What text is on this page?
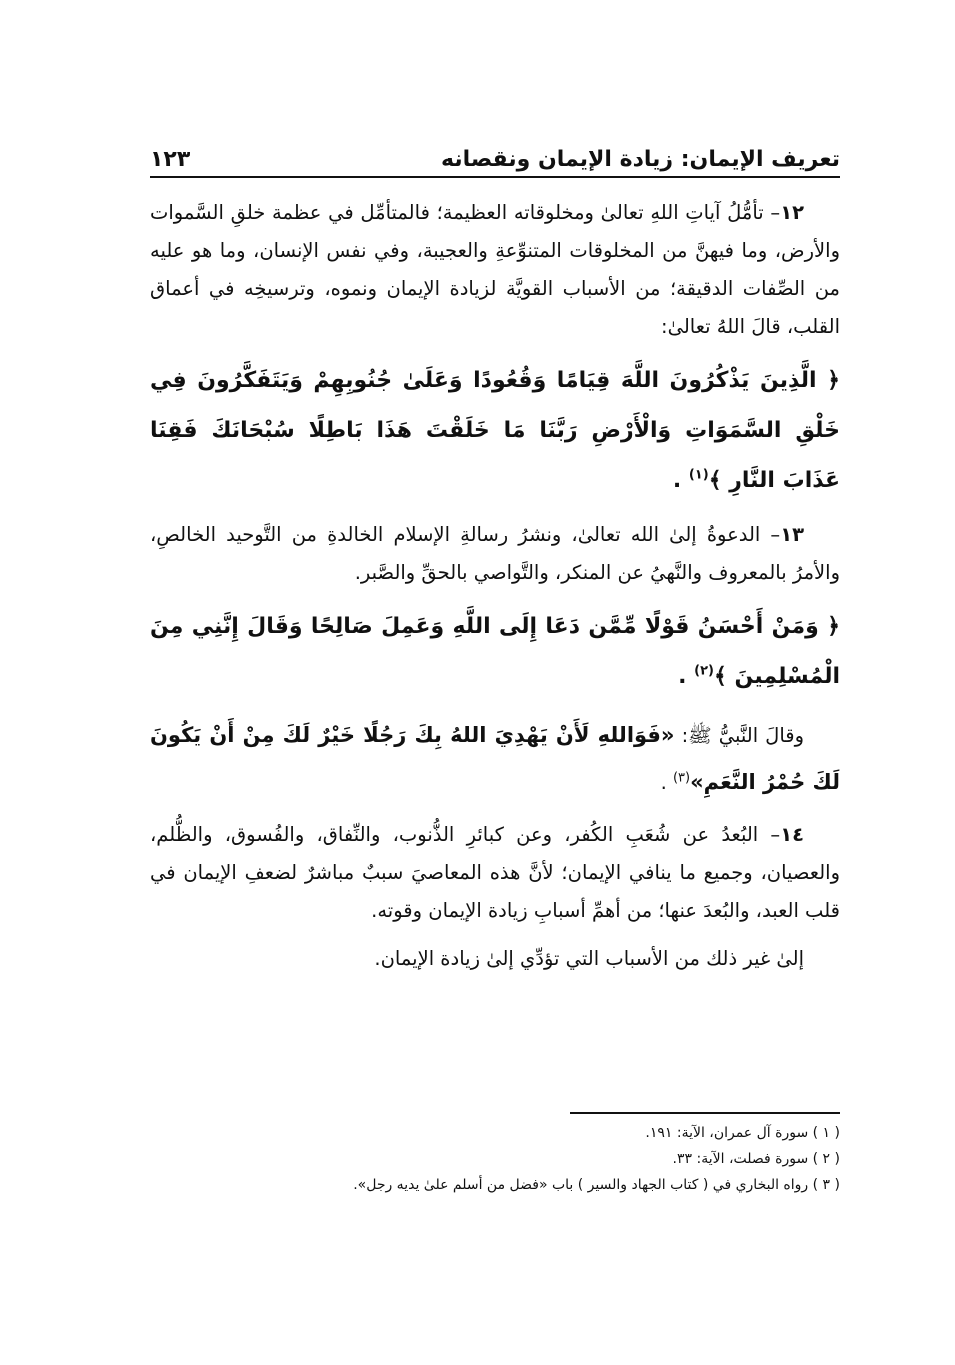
تعريف الإيمان: زيادة الإيمان ونقصانه
١٢٣

١٢– تأمُّلُ آياتِ اللهِ تعالىٰ ومخلوقاته العظيمة؛ فالمتأمِّل في عظمة خلقِ السَّموات والأرض، وما فيهنَّ من المخلوقات المتنوِّعةِ والعجيبة، وفي نفس الإنسان، وما هو عليه من الصِّفات الدقيقة؛ من الأسباب القويَّة لزيادة الإيمان ونموه، وترسيخِه في أعماق القلب، قالَ اللهُ تعالىٰ:

﴿ الَّذِينَ يَذْكُرُونَ اللَّهَ قِيَامًا وَقُعُودًا وَعَلَىٰ جُنُوبِهِمْ وَيَتَفَكَّرُونَ فِي خَلْقِ السَّمَوَاتِ وَالْأَرْضِ رَبَّنَا مَا خَلَقْتَ هَذَا بَاطِلًا سُبْحَانَكَ فَقِنَا عَذَابَ النَّارِ ﴾$^{(١)}$ .

١٣– الدعوةُ إلىٰ الله تعالىٰ، ونشرُ رسالةِ الإسلام الخالدةِ من التَّوحيد الخالصِ، والأمرُ بالمعروف والنَّهيُ عن المنكر، والتَّواصي بالحقِّ والصَّبر.

﴿ وَمَنْ أَحْسَنُ قَوْلًا مِّمَّن دَعَا إِلَى اللَّهِ وَعَمِلَ صَالِحًا وَقَالَ إِنَّنِي مِنَ الْمُسْلِمِينَ ﴾$^{(٢)}$ .

وقالَ النَّبيُّ ﷺ: «فَوَاللهِ لَأَنْ يَهْدِيَ اللهُ بِكَ رَجُلًا خَيْرٌ لَكَ مِنْ أَنْ يَكُونَ لَكَ حُمْرُ النَّعَمِ»$^{(٣)}$ .

١٤– البُعدُ عن شُعَبِ الكُفر، وعن كبائرِ الذُّنوب، والنِّفاق، والفُسوق، والظُّلم، والعصيان، وجميع ما ينافي الإيمان؛ لأنَّ هذه المعاصيَ سببٌ مباشرٌ لضعفِ الإيمان في قلب العبد، والبُعدَ عنها؛ من أهمِّ أسبابِ زيادة الإيمان وقوته.

إلىٰ غير ذلك من الأسباب التي تؤدِّي إلىٰ زيادة الإيمان.

( ١ ) سورة آل عمران، الآية: ١٩١.
( ٢ ) سورة فصلت، الآية: ٣٣.
( ٣ ) رواه البخاري في ( كتاب الجهاد والسير ) باب «فضل من أسلم علىٰ يديه رجل».
